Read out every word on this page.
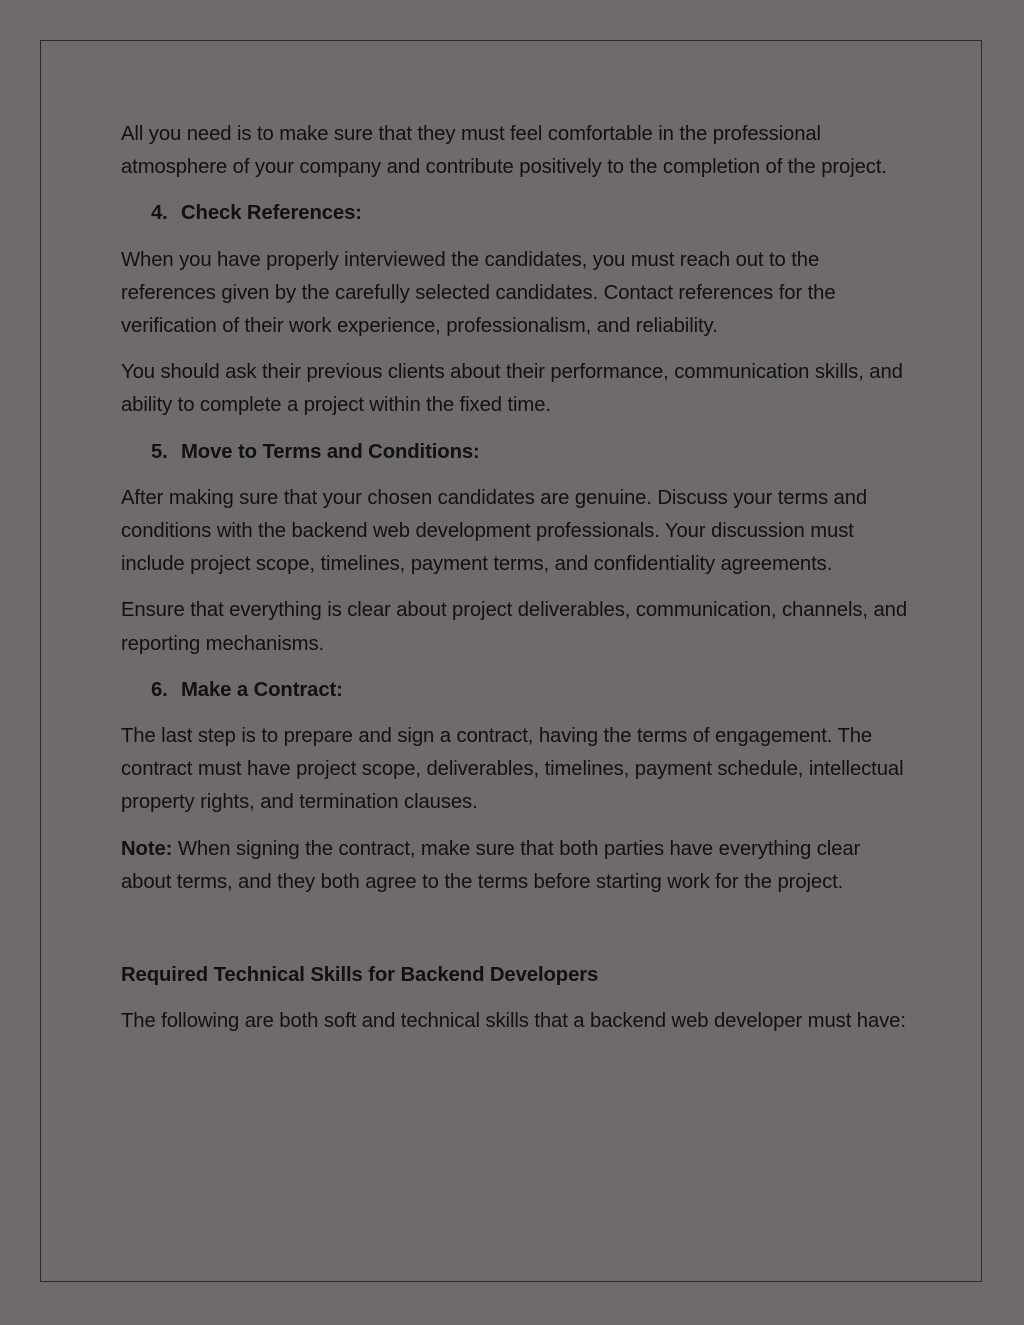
All you need is to make sure that they must feel comfortable in the professional atmosphere of your company and contribute positively to the completion of the project.

4. Check References:

When you have properly interviewed the candidates, you must reach out to the references given by the carefully selected candidates. Contact references for the verification of their work experience, professionalism, and reliability.

You should ask their previous clients about their performance, communication skills, and ability to complete a project within the fixed time.

5. Move to Terms and Conditions:

After making sure that your chosen candidates are genuine. Discuss your terms and conditions with the backend web development professionals. Your discussion must include project scope, timelines, payment terms, and confidentiality agreements.

Ensure that everything is clear about project deliverables, communication, channels, and reporting mechanisms.

6. Make a Contract:

The last step is to prepare and sign a contract, having the terms of engagement. The contract must have project scope, deliverables, timelines, payment schedule, intellectual property rights, and termination clauses.

Note: When signing the contract, make sure that both parties have everything clear about terms, and they both agree to the terms before starting work for the project.

Required Technical Skills for Backend Developers

The following are both soft and technical skills that a backend web developer must have:
